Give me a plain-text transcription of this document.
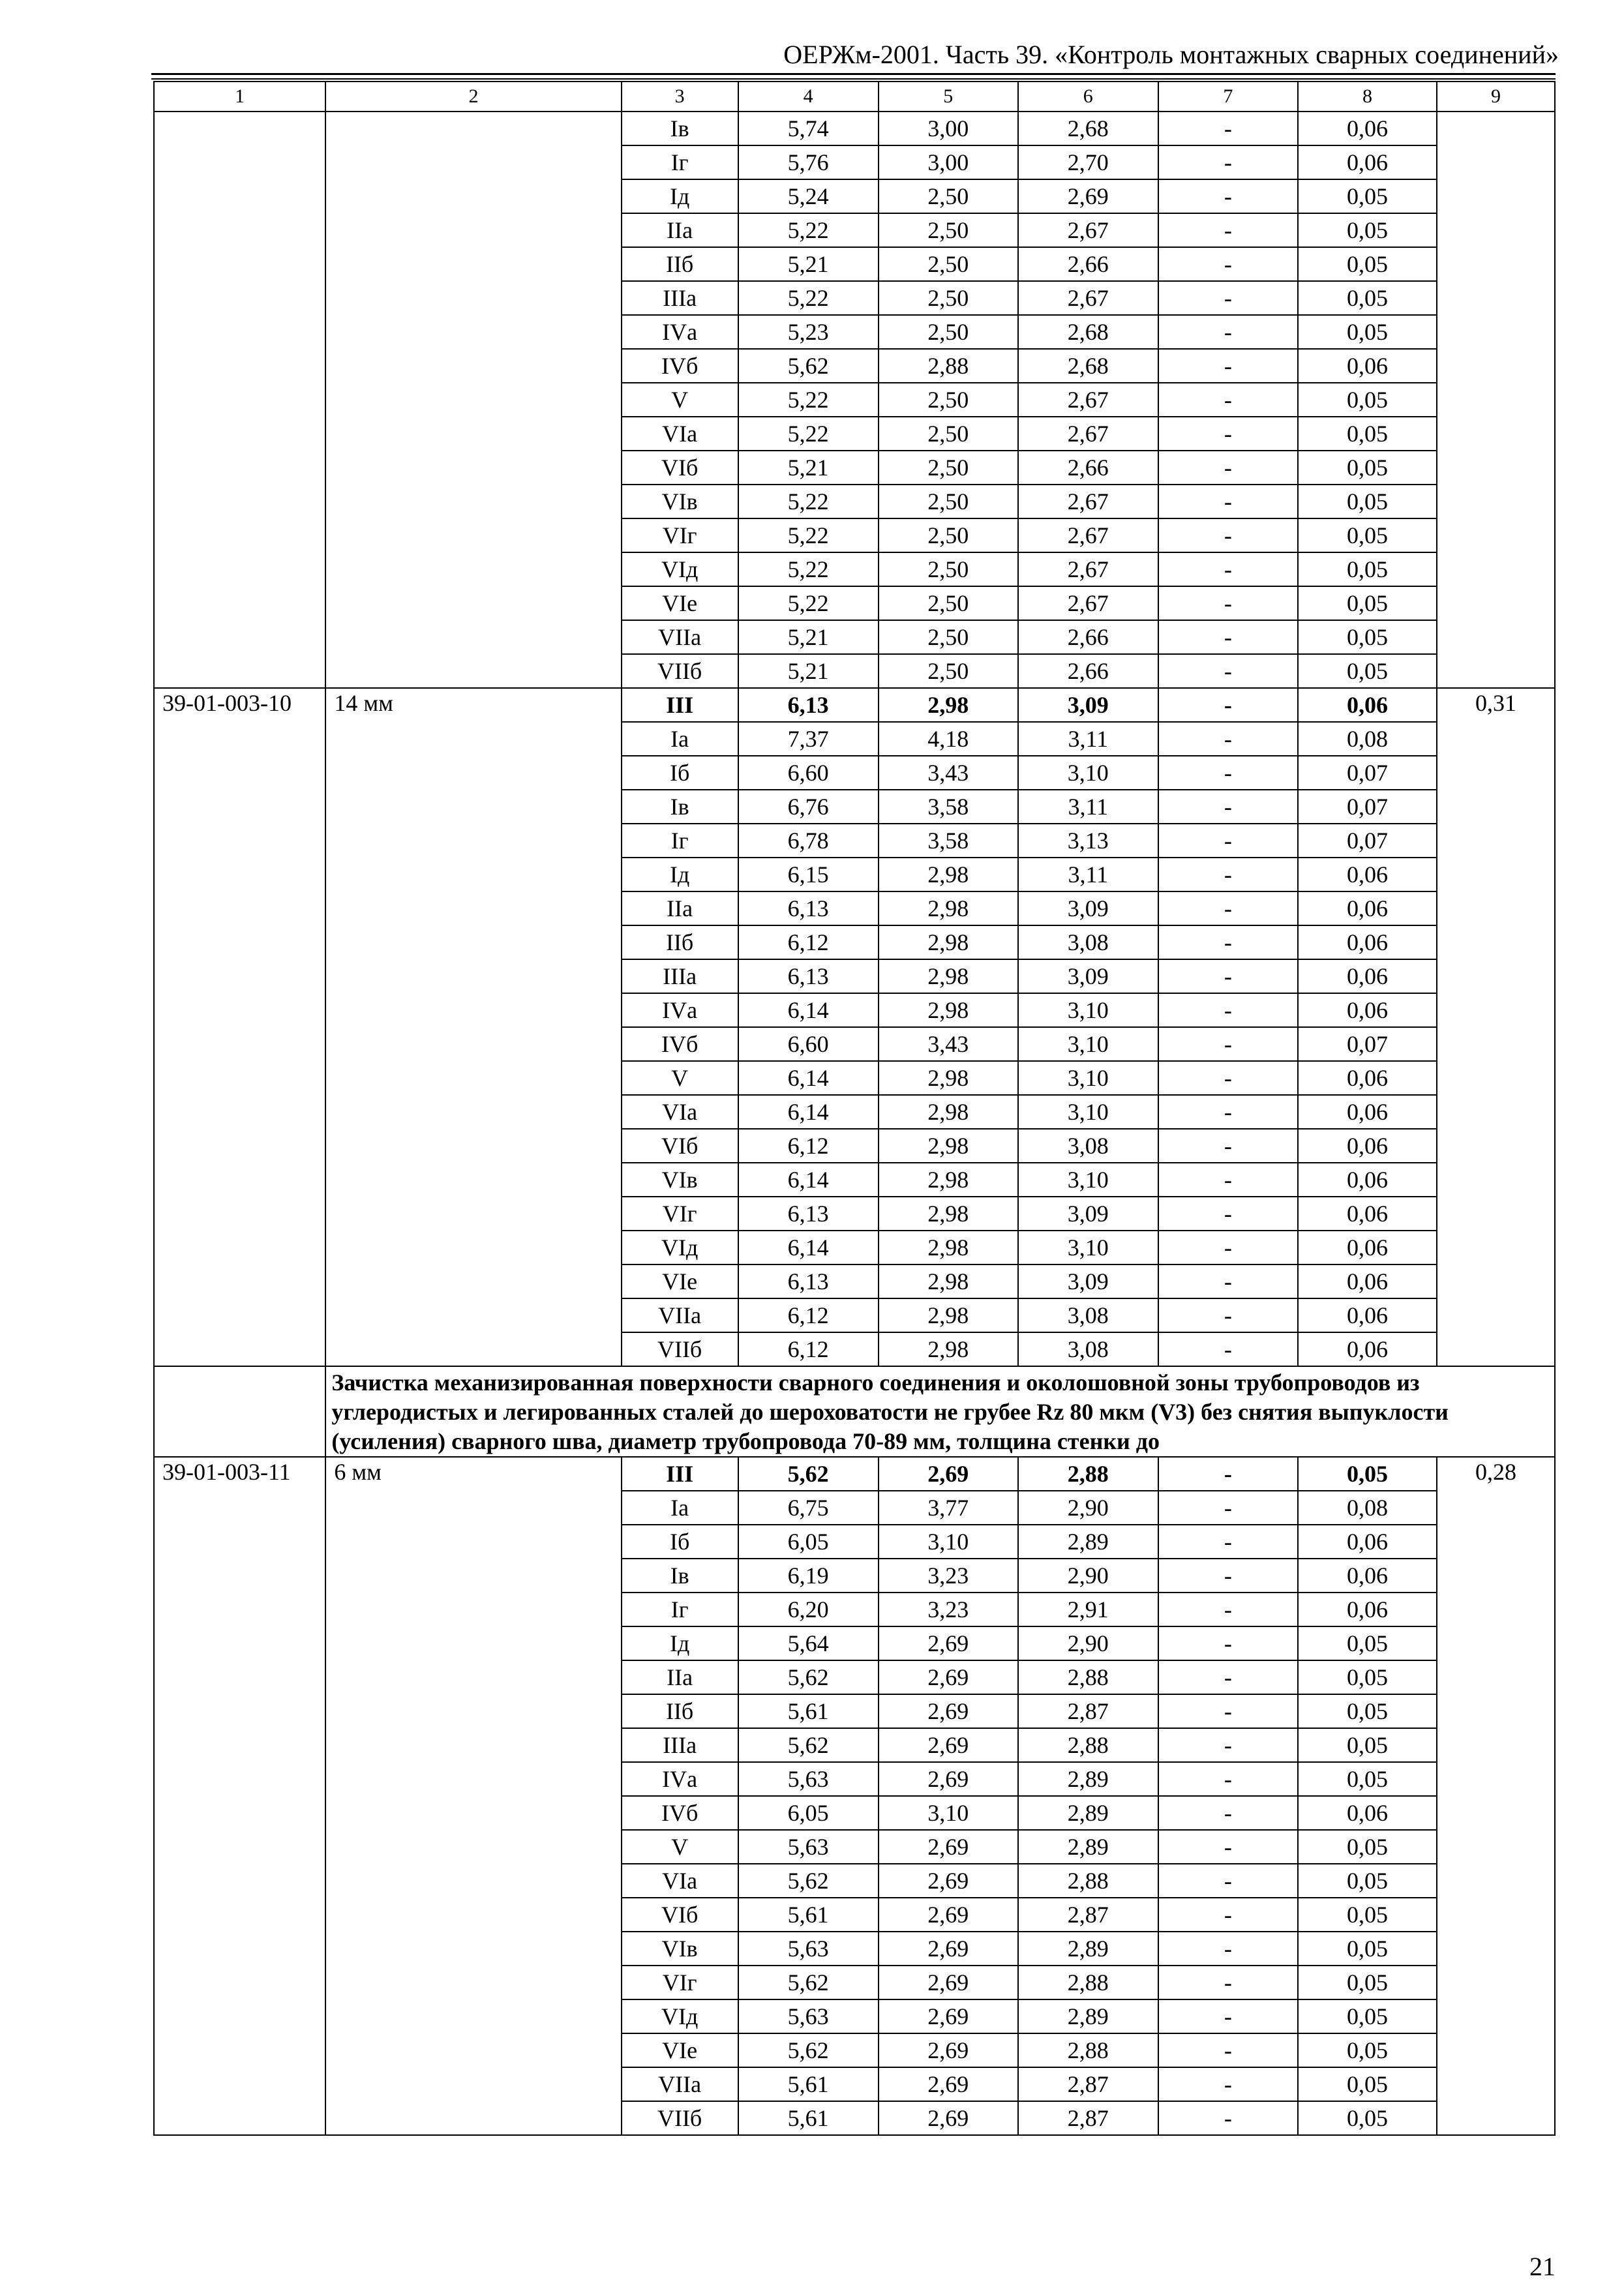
ОЕРЖм-2001. Часть 39. «Контроль монтажных сварных соединений»
1	2	3	4	5	6	7	8	9
		Iв	5,74	3,00	2,68	-	0,06	
		Iг	5,76	3,00	2,70	-	0,06	
		Iд	5,24	2,50	2,69	-	0,05	
		IIа	5,22	2,50	2,67	-	0,05	
		IIб	5,21	2,50	2,66	-	0,05	
		IIIа	5,22	2,50	2,67	-	0,05	
		IVа	5,23	2,50	2,68	-	0,05	
		IVб	5,62	2,88	2,68	-	0,06	
		V	5,22	2,50	2,67	-	0,05	
		VIа	5,22	2,50	2,67	-	0,05	
		VIб	5,21	2,50	2,66	-	0,05	
		VIв	5,22	2,50	2,67	-	0,05	
		VIг	5,22	2,50	2,67	-	0,05	
		VIд	5,22	2,50	2,67	-	0,05	
		VIе	5,22	2,50	2,67	-	0,05	
		VIIа	5,21	2,50	2,66	-	0,05	
		VIIб	5,21	2,50	2,66	-	0,05	
39-01-003-10	14 мм	III	6,13	2,98	3,09	-	0,06	0,31
		Iа	7,37	4,18	3,11	-	0,08	
		Iб	6,60	3,43	3,10	-	0,07	
		Iв	6,76	3,58	3,11	-	0,07	
		Iг	6,78	3,58	3,13	-	0,07	
		Iд	6,15	2,98	3,11	-	0,06	
		IIа	6,13	2,98	3,09	-	0,06	
		IIб	6,12	2,98	3,08	-	0,06	
		IIIа	6,13	2,98	3,09	-	0,06	
		IVа	6,14	2,98	3,10	-	0,06	
		IVб	6,60	3,43	3,10	-	0,07	
		V	6,14	2,98	3,10	-	0,06	
		VIа	6,14	2,98	3,10	-	0,06	
		VIб	6,12	2,98	3,08	-	0,06	
		VIв	6,14	2,98	3,10	-	0,06	
		VIг	6,13	2,98	3,09	-	0,06	
		VIд	6,14	2,98	3,10	-	0,06	
		VIе	6,13	2,98	3,09	-	0,06	
		VIIа	6,12	2,98	3,08	-	0,06	
		VIIб	6,12	2,98	3,08	-	0,06	
	Зачистка механизированная поверхности сварного соединения и околошовной зоны трубопроводов из углеродистых и легированных сталей до шероховатости не грубее Rz 80 мкм (V3) без снятия выпуклости (усиления) сварного шва, диаметр трубопровода 70-89 мм, толщина стенки до							
39-01-003-11	6 мм	III	5,62	2,69	2,88	-	0,05	0,28
		Iа	6,75	3,77	2,90	-	0,08	
		Iб	6,05	3,10	2,89	-	0,06	
		Iв	6,19	3,23	2,90	-	0,06	
		Iг	6,20	3,23	2,91	-	0,06	
		Iд	5,64	2,69	2,90	-	0,05	
		IIа	5,62	2,69	2,88	-	0,05	
		IIб	5,61	2,69	2,87	-	0,05	
		IIIа	5,62	2,69	2,88	-	0,05	
		IVа	5,63	2,69	2,89	-	0,05	
		IVб	6,05	3,10	2,89	-	0,06	
		V	5,63	2,69	2,89	-	0,05	
		VIа	5,62	2,69	2,88	-	0,05	
		VIб	5,61	2,69	2,87	-	0,05	
		VIв	5,63	2,69	2,89	-	0,05	
		VIг	5,62	2,69	2,88	-	0,05	
		VIд	5,63	2,69	2,89	-	0,05	
		VIе	5,62	2,69	2,88	-	0,05	
		VIIа	5,61	2,69	2,87	-	0,05	
		VIIб	5,61	2,69	2,87	-	0,05	
21
